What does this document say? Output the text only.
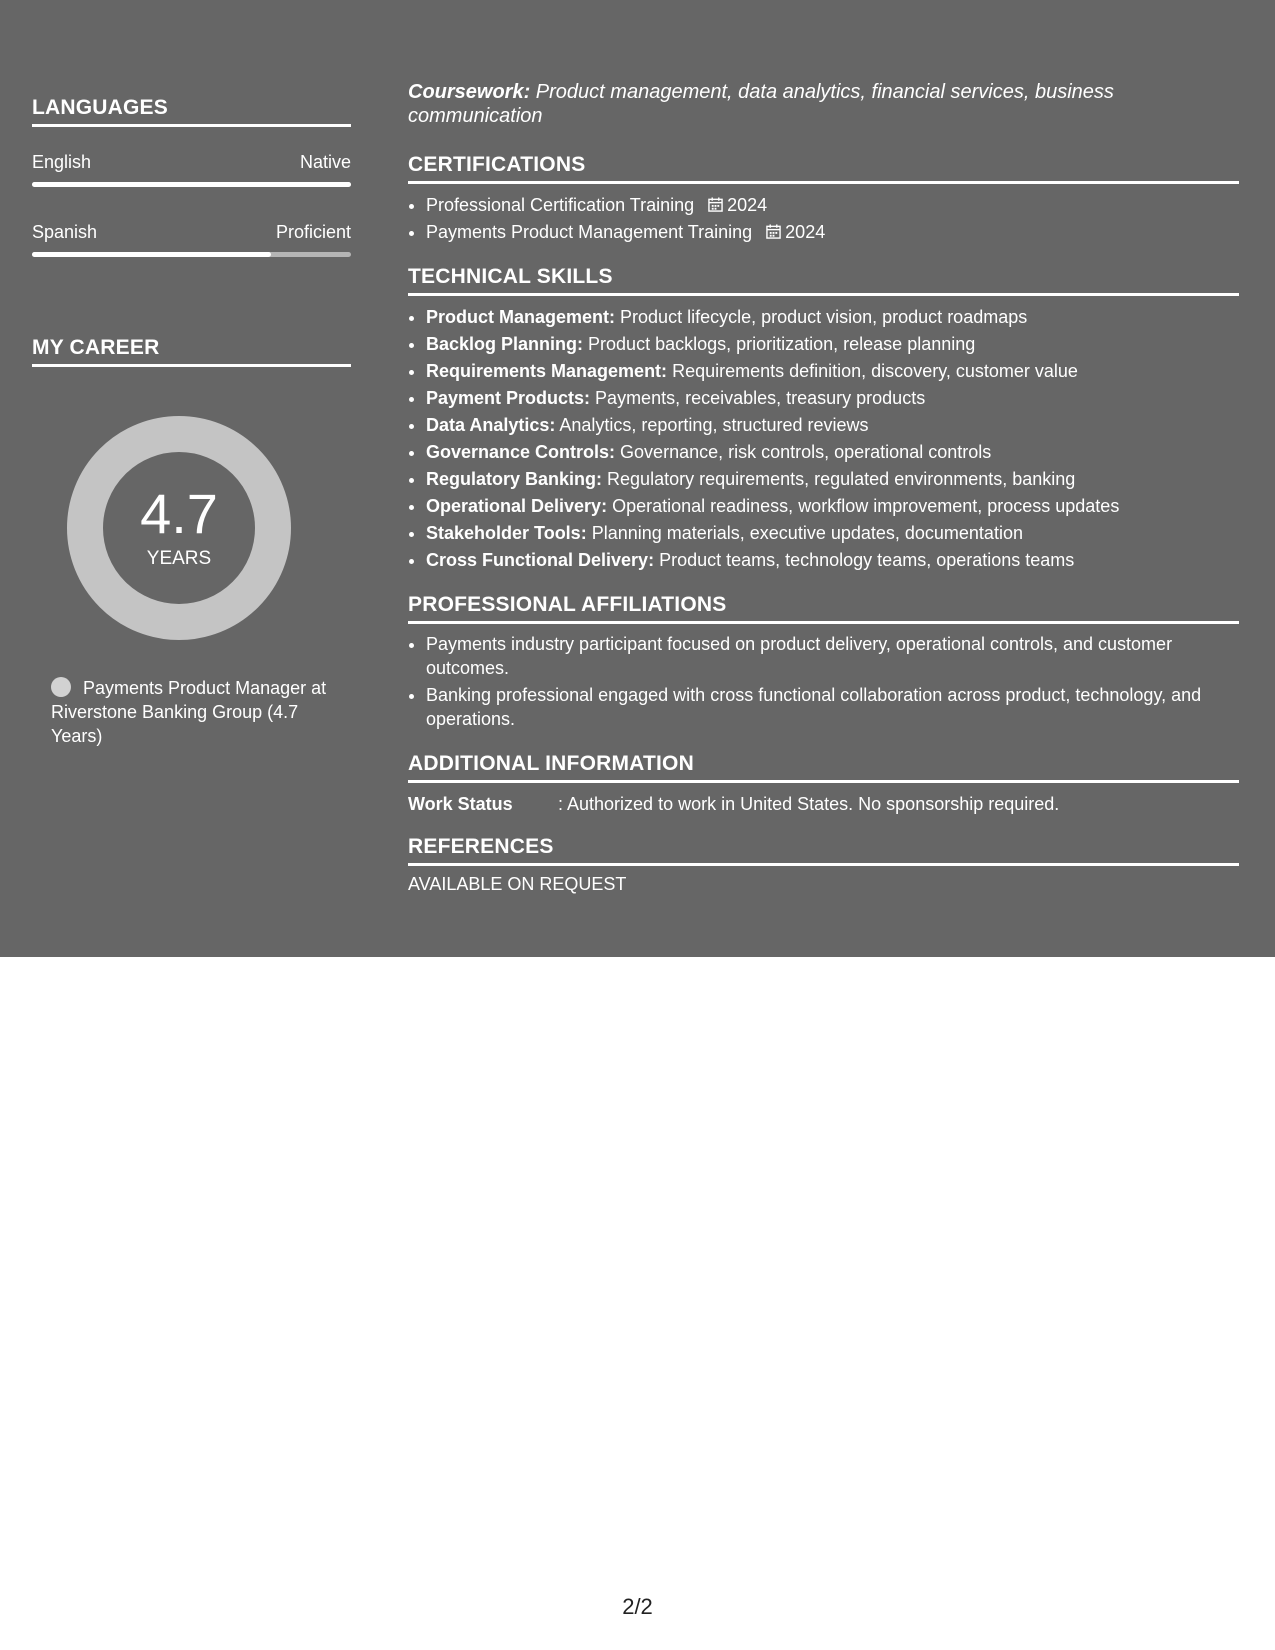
LANGUAGES
English	Native
Spanish	Proficient
MY CAREER
4.7
YEARS
Payments Product Manager at Riverstone Banking Group (4.7 Years)
Coursework: Product management, data analytics, financial services, business communication
CERTIFICATIONS
• Professional Certification Training 2024
• Payments Product Management Training 2024
TECHNICAL SKILLS
• Product Management: Product lifecycle, product vision, product roadmaps
• Backlog Planning: Product backlogs, prioritization, release planning
• Requirements Management: Requirements definition, discovery, customer value
• Payment Products: Payments, receivables, treasury products
• Data Analytics: Analytics, reporting, structured reviews
• Governance Controls: Governance, risk controls, operational controls
• Regulatory Banking: Regulatory requirements, regulated environments, banking
• Operational Delivery: Operational readiness, workflow improvement, process updates
• Stakeholder Tools: Planning materials, executive updates, documentation
• Cross Functional Delivery: Product teams, technology teams, operations teams
PROFESSIONAL AFFILIATIONS
• Payments industry participant focused on product delivery, operational controls, and customer outcomes.
• Banking professional engaged with cross functional collaboration across product, technology, and operations.
ADDITIONAL INFORMATION
Work Status	: Authorized to work in United States. No sponsorship required.
REFERENCES
AVAILABLE ON REQUEST
2/2
